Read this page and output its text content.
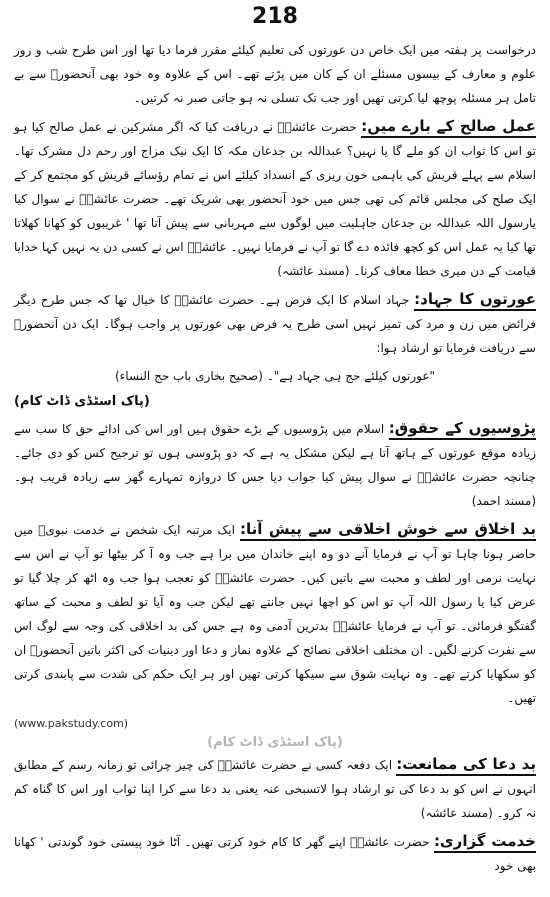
218

درخواست پر ہفتہ میں ایک خاص دن عورتوں کی تعلیم کیلئے مقرر فرما دیا تھا اور اس طرح شب و روز علوم و معارف کے بیسوں مسئلے ان کے کان میں پڑتے تھے۔ اس کے علاوہ وہ خود بھی آنحضورؐ سے بے تامل ہر مسئلہ پوچھ لیا کرتی تھیں اور جب تک تسلی نہ ہو جاتی صبر نہ کرتیں۔

عمل صالح کے بارے میں: حضرت عائشہؓ نے دریافت کیا کہ اگر مشرکین نے عمل صالح کیا ہو تو اس کا ثواب ان کو ملے گا یا نہیں؟ عبداللہ بن جدعان مکہ کا ایک نیک مزاج اور رحم دل مشرک تھا۔ اسلام سے پہلے قریش کی باہمی خون ریزی کے انسداد کیلئے اس نے تمام رؤسائے قریش کو مجتمع کر کے ایک صلح کی مجلس قائم کی تھی جس میں خود آنحضور بھی شریک تھے۔ حضرت عائشہؓ نے سوال کیا یارسول اللہ عبداللہ بن جدعان جاہلیت میں لوگوں سے مہربانی سے پیش آتا تھا ' غریبوں کو کھانا کھلاتا تھا کیا یہ عمل اس کو کچھ فائدہ دے گا تو آپ نے فرمایا نہیں۔ عائشہؓ اس نے کسی دن یہ نہیں کہا خدایا قیامت کے دن میری خطا معاف کرنا۔ (مسند عائشہ)

عورتوں کا جہاد: جہاد اسلام کا ایک فرض ہے۔ حضرت عائشہؓ کا خیال تھا کہ جس طرح دیگر فرائض میں زن و مرد کی تمیز نہیں اسی طرح یہ فرض بھی عورتوں پر واجب ہوگا۔ ایک دن آنحضورؐ سے دریافت فرمایا تو ارشاد ہوا:

"عورتوں کیلئے حج ہی جہاد ہے"۔ (صحیح بخاری باب حج النساء)

(پاک اسٹڈی ڈاٹ کام)

پڑوسیوں کے حقوق: اسلام میں پڑوسیوں کے بڑے حقوق ہیں اور اس کی ادائے حق کا سب سے زیادہ موقع عورتوں کے ہاتھ آتا ہے لیکن مشکل یہ ہے کہ دو پڑوسی ہوں تو ترجیح کس کو دی جائے۔ چنانچہ حضرت عائشہؓ نے سوال پیش کیا جواب دیا جس کا دروازہ تمہارے گھر سے زیادہ قریب ہو۔ (مسند احمد)

بد اخلاق سے خوش اخلاقی سے پیش آنا: ایک مرتبہ ایک شخص نے خدمت نبویؐ میں حاضر ہونا چاہا تو آپ نے فرمایا آنے دو وہ اپنے خاندان میں برا ہے جب وہ آ کر بیٹھا تو آپ نے اس سے نہایت نرمی اور لطف و محبت سے باتیں کیں۔ حضرت عائشہؓ کو تعجب ہوا جب وہ اٹھ کر چلا گیا تو عرض کیا یا رسول اللہ آپ تو اس کو اچھا نہیں جانتے تھے لیکن جب وہ آیا تو لطف و محبت کے ساتھ گفتگو فرمائی۔ تو آپ نے فرمایا عائشہؓ بدترین آدمی وہ ہے جس کی بد اخلاقی کی وجہ سے لوگ اس سے نفرت کرنے لگیں۔ ان مختلف اخلاقی نصائح کے علاوہ نماز و دعا اور دینیات کی اکثر باتیں آنحضورؐ ان کو سکھایا کرتے تھے۔ وہ نہایت شوق سے سیکھا کرتی تھیں اور ہر ایک حکم کی شدت سے پابندی کرتی تھیں۔

(www.pakstudy.com)

(پاک اسٹڈی ڈاٹ کام)

بد دعا کی ممانعت: ایک دفعہ کسی نے حضرت عائشہؓ کی چیز چرائی تو زمانہ رسم کے مطابق انہوں نے اس کو بد دعا کی تو ارشاد ہوا لاتسبخی عنہ یعنی بد دعا سے کرا اپنا ثواب اور اس کا گناہ کم نہ کرو۔ (مسند عائشہ)

خدمت گزاری: حضرت عائشہؓ اپنے گھر کا کام خود کرتی تھیں۔ آٹا خود پیستی خود گوندتی ' کھانا بھی خود
